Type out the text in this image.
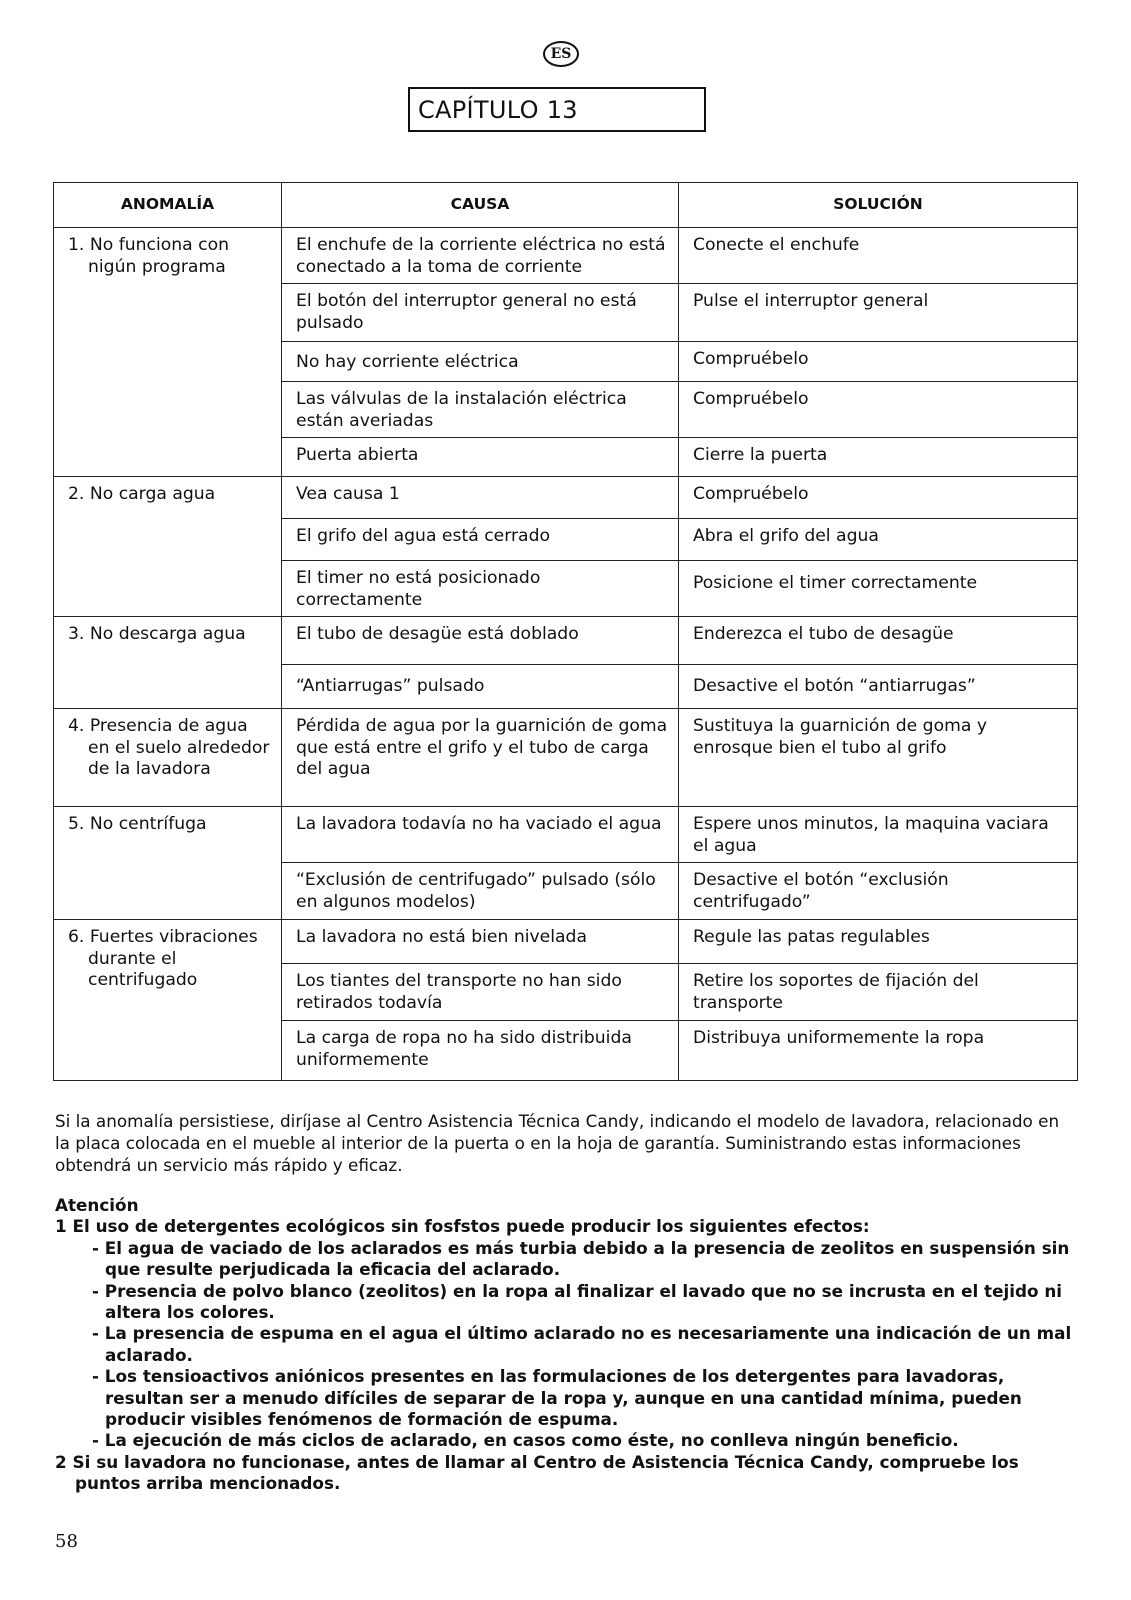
ES
CAPÍTULO 13
ANOMALÍA	CAUSA	SOLUCIÓN

1. No funciona con nigún programa	El enchufe de la corriente eléctrica no está conectado a la toma de corriente	Conecte el enchufe
	El botón del interruptor general no está pulsado	Pulse el interruptor general
	No hay corriente eléctrica	Compruébelo
	Las válvulas de la instalación eléctrica están averiadas	Compruébelo
	Puerta abierta	Cierre la puerta

2. No carga agua	Vea causa 1	Compruébelo
	El grifo del agua está cerrado	Abra el grifo del agua
	El timer no está posicionado correctamente	Posicione el timer correctamente

3. No descarga agua	El tubo de desagüe está doblado	Enderezca el tubo de desagüe
	“Antiarrugas” pulsado	Desactive el botón “antiarrugas”

4. Presencia de agua en el suelo alrededor de la lavadora	Pérdida de agua por la guarnición de goma que está entre el grifo y el tubo de carga del agua	Sustituya la guarnición de goma y enrosque bien el tubo al grifo

5. No centrífuga	La lavadora todavía no ha vaciado el agua	Espere unos minutos, la maquina vaciara el agua
	“Exclusión de centrifugado” pulsado (sólo en algunos modelos)	Desactive el botón “exclusión centrifugado”

6. Fuertes vibraciones durante el centrifugado	La lavadora no está bien nivelada	Regule las patas regulables
	Los tiantes del transporte no han sido retirados todavía	Retire los soportes de fijación del transporte
	La carga de ropa no ha sido distribuida uniformemente	Distribuya uniformemente la ropa
Si la anomalía persistiese, diríjase al Centro Asistencia Técnica Candy, indicando el modelo de lavadora, relacionado en la placa colocada en el mueble al interior de la puerta o en la hoja de garantía. Suministrando estas informaciones obtendrá un servicio más rápido y eficaz.
Atención
1 El uso de detergentes ecológicos sin fosfstos puede producir los siguientes efectos:
- El agua de vaciado de los aclarados es más turbia debido a la presencia de zeolitos en suspensión sin que resulte perjudicada la eficacia del aclarado.
- Presencia de polvo blanco (zeolitos) en la ropa al finalizar el lavado que no se incrusta en el tejido ni altera los colores.
- La presencia de espuma en el agua el último aclarado no es necesariamente una indicación de un mal aclarado.
- Los tensioactivos aniónicos presentes en las formulaciones de los detergentes para lavadoras, resultan ser a menudo difíciles de separar de la ropa y, aunque en una cantidad mínima, pueden producir visibles fenómenos de formación de espuma.
- La ejecución de más ciclos de aclarado, en casos como éste, no conlleva ningún beneficio.
2 Si su lavadora no funcionase, antes de llamar al Centro de Asistencia Técnica Candy, compruebe los puntos arriba mencionados.
58
